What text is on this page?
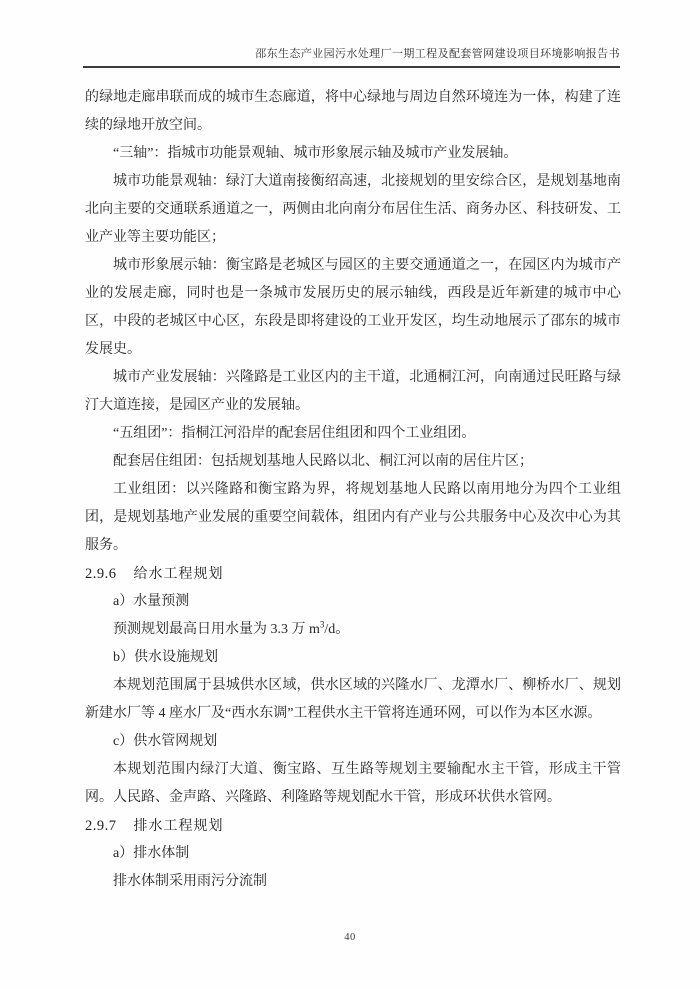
邵东生态产业园污水处理厂一期工程及配套管网建设项目环境影响报告书

的绿地走廊串联而成的城市生态廊道，将中心绿地与周边自然环境连为一体，构建了连续的绿地开放空间。

“三轴”：指城市功能景观轴、城市形象展示轴及城市产业发展轴。

城市功能景观轴：绿汀大道南接衡绍高速，北接规划的里安综合区，是规划基地南北向主要的交通联系通道之一，两侧由北向南分布居住生活、商务办区、科技研发、工业产业等主要功能区；

城市形象展示轴：衡宝路是老城区与园区的主要交通通道之一，在园区内为城市产业的发展走廊，同时也是一条城市发展历史的展示轴线，西段是近年新建的城市中心区，中段的老城区中心区，东段是即将建设的工业开发区，均生动地展示了邵东的城市发展史。

城市产业发展轴：兴隆路是工业区内的主干道，北通桐江河，向南通过民旺路与绿汀大道连接，是园区产业的发展轴。

“五组团”：指桐江河沿岸的配套居住组团和四个工业组团。

配套居住组团：包括规划基地人民路以北、桐江河以南的居住片区；

工业组团：以兴隆路和衡宝路为界，将规划基地人民路以南用地分为四个工业组团，是规划基地产业发展的重要空间载体，组团内有产业与公共服务中心及次中心为其服务。

2.9.6 给水工程规划

a）水量预测

预测规划最高日用水量为 3.3 万 $m^3/d$。

b）供水设施规划

本规划范围属于县城供水区域，供水区域的兴隆水厂、龙潭水厂、柳桥水厂、规划新建水厂等 4 座水厂及“西水东调”工程供水主干管将连通环网，可以作为本区水源。

c）供水管网规划

本规划范围内绿汀大道、衡宝路、互生路等规划主要输配水主干管，形成主干管网。人民路、金声路、兴隆路、利隆路等规划配水干管，形成环状供水管网。

2.9.7 排水工程规划

a）排水体制

排水体制采用雨污分流制

40
